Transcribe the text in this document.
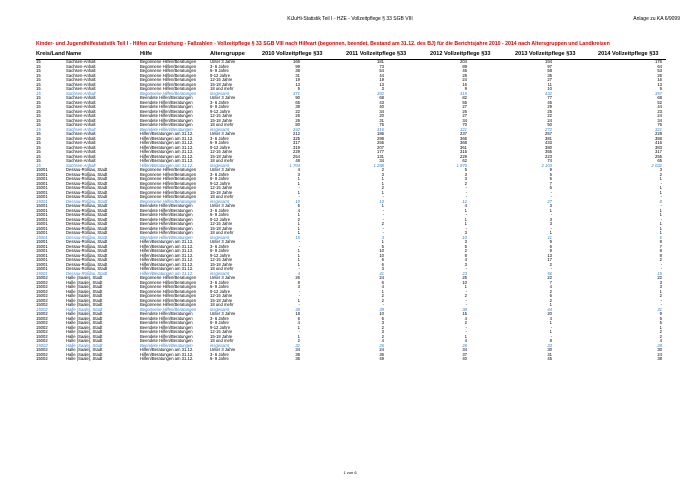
KiJuHi-Statistik Teil I - HZE - Vollzeitpflege § 33 SGB VIII	Anlage zu KA 6/9099
Kinder- und Jugendhilfestatistik Teil I - Hilfen zur Erziehung - Fallzahlen - Vollzeitpflege § 33 SGB VIII nach Hilfeart (begonnen, beendet, Bestand am 31.12. des BJ) für die Berichtsjahre 2010 - 2014 nach Altersgruppen und Landkreisen
Kreis/Land Name	Hilfe	Altersgruppe	2010 Vollzeitpflege §33	2011 Vollzeitpflege §33	2012 Vollzeitpflege §33	2013 Vollzeitpflege §33	2014 Vollzeitpflege §33
15	Sachsen-Anhalt	Begonnene Hilfen/Beratungen	Unter 3 Jahre	166	181	204	194	176
15	Sachsen-Anhalt	Begonnene Hilfen/Beratungen	3- 6 Jahre	99	73	89	97	64
15	Sachsen-Anhalt	Begonnene Hilfen/Beratungen	6- 9 Jahre	38	54	46	58	53
15	Sachsen-Anhalt	Begonnene Hilfen/Beratungen	9-12 Jahre	31	44	28	35	26
15	Sachsen-Anhalt	Begonnene Hilfen/Beratungen	12-15 Jahre	19	19	24	27	16
15	Sachsen-Anhalt	Begonnene Hilfen/Beratungen	15-18 Jahre	13	13	15	11	13
15	Sachsen-Anhalt	Begonnene Hilfen/Beratungen	18 und mehr	5	3	9	10	9
15	Sachsen-Anhalt	Begonnene Hilfen/Beratungen	insgesamt	371	392	415	432	357
15	Sachsen-Anhalt	Beendete Hilfen/Beratungen	Unter 3 Jahre	90	68	82	77	68
15	Sachsen-Anhalt	Beendete Hilfen/Beratungen	3- 6 Jahre	65	43	55	45	52
15	Sachsen-Anhalt	Beendete Hilfen/Beratungen	6- 9 Jahre	39	40	27	29	44
15	Sachsen-Anhalt	Beendete Hilfen/Beratungen	9-12 Jahre	22	34	26	25	23
15	Sachsen-Anhalt	Beendete Hilfen/Beratungen	12-15 Jahre	26	20	27	22	24
15	Sachsen-Anhalt	Beendete Hilfen/Beratungen	15-18 Jahre	26	31	34	24	34
15	Sachsen-Anhalt	Beendete Hilfen/Beratungen	18 und mehr	80	76	70	50	76
15	Sachsen-Anhalt	Beendete Hilfen/Beratungen	insgesamt	342	316	321	272	321
15	Sachsen-Anhalt	Hilfen/Beratungen am 31.12.	Unter 3 Jahre	212	186	237	257	228
15	Sachsen-Anhalt	Hilfen/Beratungen am 31.12.	3- 6 Jahre	325	298	366	381	358
15	Sachsen-Anhalt	Hilfen/Beratungen am 31.12.	6- 9 Jahre	317	255	368	433	416
15	Sachsen-Anhalt	Hilfen/Beratungen am 31.12.	9-12 Jahre	319	207	361	380	383
15	Sachsen-Anhalt	Hilfen/Beratungen am 31.12.	12-15 Jahre	229	177	315	355	317
15	Sachsen-Anhalt	Hilfen/Beratungen am 31.12.	15-18 Jahre	254	131	229	223	255
15	Sachsen-Anhalt	Hilfen/Beratungen am 31.12.	18 und mehr	48	34	62	74	65
15	Sachsen-Anhalt	Hilfen/Beratungen am 31.12.	insgesamt	1 704	1 288	1 970	2 103	2 032
15001	Dessau-Roßlau, Stadt	Begonnene Hilfen/Beratungen	Unter 3 Jahre	4	2	5	9	3
15001	Dessau-Roßlau, Stadt	Begonnene Hilfen/Beratungen	3- 6 Jahre	3	3	3	5	2
15001	Dessau-Roßlau, Stadt	Begonnene Hilfen/Beratungen	6- 9 Jahre	1	1	3	5	1
15001	Dessau-Roßlau, Stadt	Begonnene Hilfen/Beratungen	9-12 Jahre	1	1	2	7	-
15001	Dessau-Roßlau, Stadt	Begonnene Hilfen/Beratungen	12-15 Jahre	-	2	-	5	1
15001	Dessau-Roßlau, Stadt	Begonnene Hilfen/Beratungen	15-18 Jahre	1	1	-	-	1
15001	Dessau-Roßlau, Stadt	Begonnene Hilfen/Beratungen	18 und mehr	-	-	-	-	-
15001	Dessau-Roßlau, Stadt	Begonnene Hilfen/Beratungen	insgesamt	10	10	12	27	8
15001	Dessau-Roßlau, Stadt	Beendete Hilfen/Beratungen	Unter 3 Jahre	5	1	4	3	-
15001	Dessau-Roßlau, Stadt	Beendete Hilfen/Beratungen	3- 6 Jahre	4	-	1	1	1
15001	Dessau-Roßlau, Stadt	Beendete Hilfen/Beratungen	6- 9 Jahre	1	-	-	-	1
15001	Dessau-Roßlau, Stadt	Beendete Hilfen/Beratungen	9-12 Jahre	2	-	1	3	-
15001	Dessau-Roßlau, Stadt	Beendete Hilfen/Beratungen	12-15 Jahre	1	2	1	3	1
15001	Dessau-Roßlau, Stadt	Beendete Hilfen/Beratungen	15-18 Jahre	1	-	-	-	1
15001	Dessau-Roßlau, Stadt	Beendete Hilfen/Beratungen	18 und mehr	1	-	3	1	1
15001	Dessau-Roßlau, Stadt	Beendete Hilfen/Beratungen	insgesamt	15	3	10	11	6
15001	Dessau-Roßlau, Stadt	Hilfen/Beratungen am 31.12.	Unter 3 Jahre	-	1	3	9	8
15001	Dessau-Roßlau, Stadt	Hilfen/Beratungen am 31.12.	3- 6 Jahre	-	5	5	6	7
15001	Dessau-Roßlau, Stadt	Hilfen/Beratungen am 31.12.	6- 9 Jahre	1	10	2	9	8
15001	Dessau-Roßlau, Stadt	Hilfen/Beratungen am 31.12.	9-12 Jahre	1	10	8	13	8
15001	Dessau-Roßlau, Stadt	Hilfen/Beratungen am 31.12.	12-15 Jahre	1	6	4	17	2
15001	Dessau-Roßlau, Stadt	Hilfen/Beratungen am 31.12.	15-18 Jahre	1	6	3	2	-
15001	Dessau-Roßlau, Stadt	Hilfen/Beratungen am 31.12.	18 und mehr	-	3	-	-	-
15001	Dessau-Roßlau, Stadt	Hilfen/Beratungen am 31.12.	insgesamt	4	41	23	56	15
15002	Halle (Saale), Stadt	Begonnene Hilfen/Beratungen	Unter 3 Jahre	26	24	25	22	22
15002	Halle (Saale), Stadt	Begonnene Hilfen/Beratungen	3- 6 Jahre	8	6	10	7	3
15002	Halle (Saale), Stadt	Begonnene Hilfen/Beratungen	6- 9 Jahre	3	4	1	4	3
15002	Halle (Saale), Stadt	Begonnene Hilfen/Beratungen	9-12 Jahre	-	1	-	2	1
15002	Halle (Saale), Stadt	Begonnene Hilfen/Beratungen	12-15 Jahre	-	2	2	6	2
15002	Halle (Saale), Stadt	Begonnene Hilfen/Beratungen	15-18 Jahre	1	2	-	2	-
15002	Halle (Saale), Stadt	Begonnene Hilfen/Beratungen	18 und mehr	-	-	-	1	-
15002	Halle (Saale), Stadt	Begonnene Hilfen/Beratungen	insgesamt	38	39	38	44	31
15002	Halle (Saale), Stadt	Beendete Hilfen/Beratungen	Unter 3 Jahre	18	10	15	20	9
15002	Halle (Saale), Stadt	Beendete Hilfen/Beratungen	3- 6 Jahre	6	6	4	4	5
15002	Halle (Saale), Stadt	Beendete Hilfen/Beratungen	6- 9 Jahre	4	3	2	1	5
15002	Halle (Saale), Stadt	Beendete Hilfen/Beratungen	9-12 Jahre	1	2	-	-	1
15002	Halle (Saale), Stadt	Beendete Hilfen/Beratungen	12-15 Jahre	-	3	-	1	2
15002	Halle (Saale), Stadt	Beendete Hilfen/Beratungen	15-18 Jahre	1	2	1	-	2
15002	Halle (Saale), Stadt	Beendete Hilfen/Beratungen	18 und mehr	2	4	4	8	4
15002	Halle (Saale), Stadt	Beendete Hilfen/Beratungen	insgesamt	32	26	26	33	28
15002	Halle (Saale), Stadt	Hilfen/Beratungen am 31.12.	Unter 3 Jahre	34	24	34	30	30
15002	Halle (Saale), Stadt	Hilfen/Beratungen am 31.12.	3- 6 Jahre	38	36	37	31	24
15002	Halle (Saale), Stadt	Hilfen/Beratungen am 31.12.	6- 9 Jahre	36	49	40	45	38
1 von 6
